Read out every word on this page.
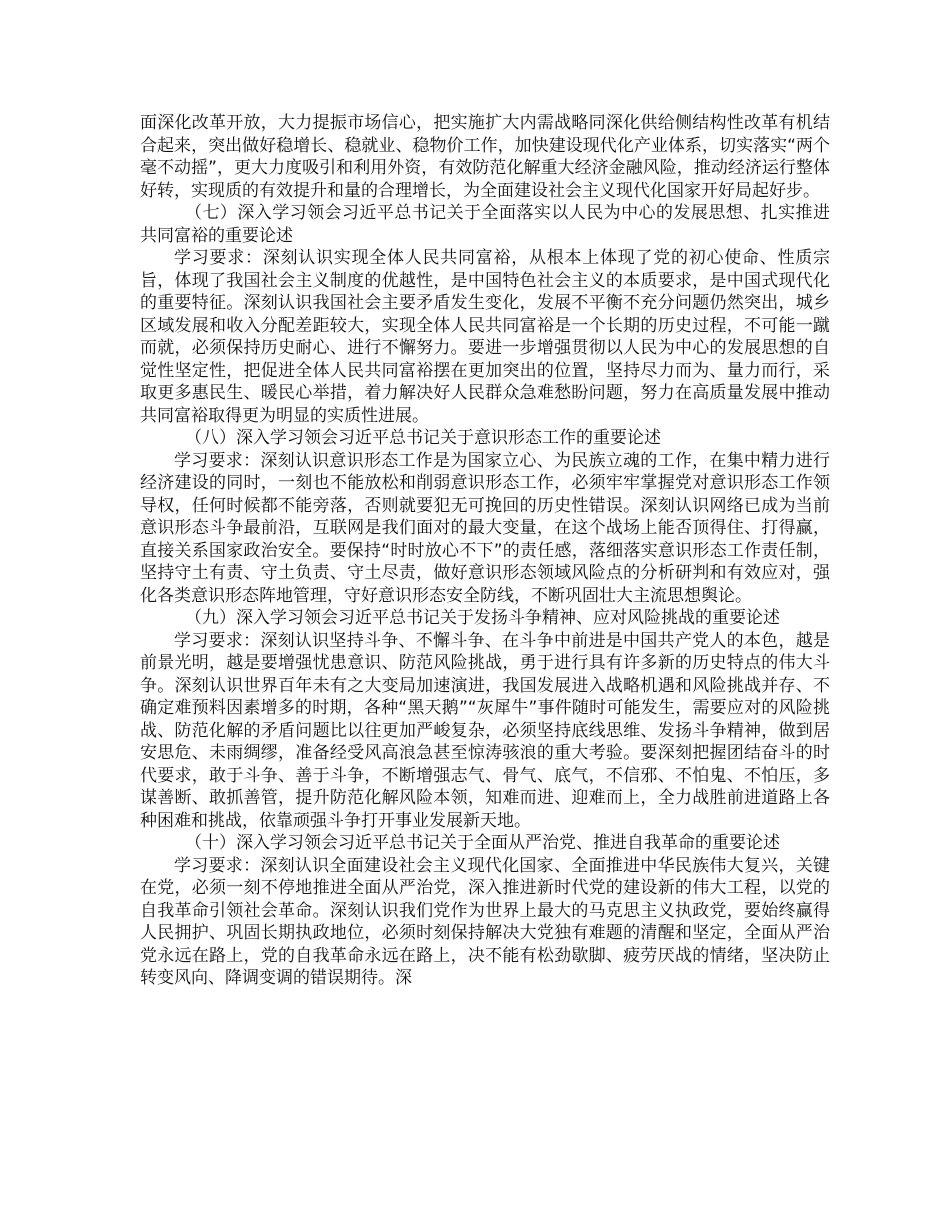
面深化改革开放，大力提振市场信心，把实施扩大内需战略同深化供给侧结构性改革有机结合起来，突出做好稳增长、稳就业、稳物价工作，加快建设现代化产业体系，切实落实“两个毫不动摇”，更大力度吸引和利用外资，有效防范化解重大经济金融风险，推动经济运行整体好转，实现质的有效提升和量的合理增长，为全面建设社会主义现代化国家开好局起好步。

（七）深入学习领会习近平总书记关于全面落实以人民为中心的发展思想、扎实推进共同富裕的重要论述

学习要求：深刻认识实现全体人民共同富裕，从根本上体现了党的初心使命、性质宗旨，体现了我国社会主义制度的优越性，是中国特色社会主义的本质要求，是中国式现代化的重要特征。深刻认识我国社会主要矛盾发生变化，发展不平衡不充分问题仍然突出，城乡区域发展和收入分配差距较大，实现全体人民共同富裕是一个长期的历史过程，不可能一蹴而就，必须保持历史耐心、进行不懈努力。要进一步增强贯彻以人民为中心的发展思想的自觉性坚定性，把促进全体人民共同富裕摆在更加突出的位置，坚持尽力而为、量力而行，采取更多惠民生、暖民心举措，着力解决好人民群众急难愁盼问题，努力在高质量发展中推动共同富裕取得更为明显的实质性进展。

（八）深入学习领会习近平总书记关于意识形态工作的重要论述

学习要求：深刻认识意识形态工作是为国家立心、为民族立魂的工作，在集中精力进行经济建设的同时，一刻也不能放松和削弱意识形态工作，必须牢牢掌握党对意识形态工作领导权，任何时候都不能旁落，否则就要犯无可挽回的历史性错误。深刻认识网络已成为当前意识形态斗争最前沿，互联网是我们面对的最大变量，在这个战场上能否顶得住、打得赢，直接关系国家政治安全。要保持“时时放心不下”的责任感，落细落实意识形态工作责任制，坚持守土有责、守土负责、守土尽责，做好意识形态领域风险点的分析研判和有效应对，强化各类意识形态阵地管理，守好意识形态安全防线，不断巩固壮大主流思想舆论。

（九）深入学习领会习近平总书记关于发扬斗争精神、应对风险挑战的重要论述

学习要求：深刻认识坚持斗争、不懈斗争、在斗争中前进是中国共产党人的本色，越是前景光明，越是要增强忧患意识、防范风险挑战，勇于进行具有许多新的历史特点的伟大斗争。深刻认识世界百年未有之大变局加速演进，我国发展进入战略机遇和风险挑战并存、不确定难预料因素增多的时期，各种“黑天鹅”“灰犀牛”事件随时可能发生，需要应对的风险挑战、防范化解的矛盾问题比以往更加严峻复杂，必须坚持底线思维、发扬斗争精神，做到居安思危、未雨绸缪，准备经受风高浪急甚至惊涛骇浪的重大考验。要深刻把握团结奋斗的时代要求，敢于斗争、善于斗争，不断增强志气、骨气、底气，不信邪、不怕鬼、不怕压，多谋善断、敢抓善管，提升防范化解风险本领，知难而进、迎难而上，全力战胜前进道路上各种困难和挑战，依靠顽强斗争打开事业发展新天地。

（十）深入学习领会习近平总书记关于全面从严治党、推进自我革命的重要论述

学习要求：深刻认识全面建设社会主义现代化国家、全面推进中华民族伟大复兴，关键在党，必须一刻不停地推进全面从严治党，深入推进新时代党的建设新的伟大工程，以党的自我革命引领社会革命。深刻认识我们党作为世界上最大的马克思主义执政党，要始终赢得人民拥护、巩固长期执政地位，必须时刻保持解决大党独有难题的清醒和坚定，全面从严治党永远在路上，党的自我革命永远在路上，决不能有松劲歇脚、疲劳厌战的情绪，坚决防止转变风向、降调变调的错误期待。深
